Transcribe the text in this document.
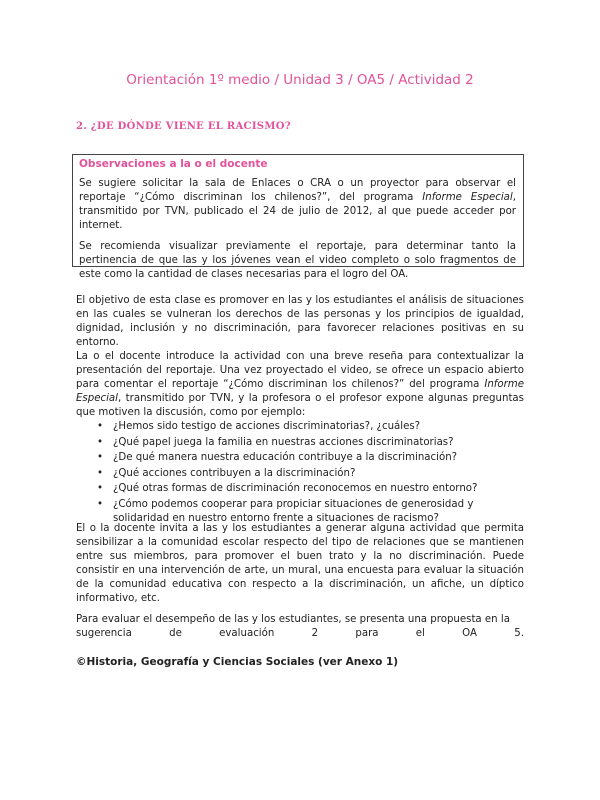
Orientación 1º medio / Unidad 3 / OA5 / Actividad 2
2. ¿DE DÓNDE VIENE EL RACISMO?
Observaciones a la o el docente

Se sugiere solicitar la sala de Enlaces o CRA o un proyector para observar el reportaje “¿Cómo discriminan los chilenos?”, del programa Informe Especial, transmitido por TVN, publicado el 24 de julio de 2012, al que puede acceder por internet.

Se recomienda visualizar previamente el reportaje, para determinar tanto la pertinencia de que las y los jóvenes vean el video completo o solo fragmentos de este como la cantidad de clases necesarias para el logro del OA.

El objetivo de esta clase es promover en las y los estudiantes el análisis de situaciones en las cuales se vulneran los derechos de las personas y los principios de igualdad, dignidad, inclusión y no discriminación, para favorecer relaciones positivas en su entorno.

La o el docente introduce la actividad con una breve reseña para contextualizar la presentación del reportaje. Una vez proyectado el video, se ofrece un espacio abierto para comentar el reportaje “¿Cómo discriminan los chilenos?” del programa Informe Especial, transmitido por TVN, y la profesora o el profesor expone algunas preguntas que motiven la discusión, como por ejemplo:

• ¿Hemos sido testigo de acciones discriminatorias?, ¿cuáles?
• ¿Qué papel juega la familia en nuestras acciones discriminatorias?
• ¿De qué manera nuestra educación contribuye a la discriminación?
• ¿Qué acciones contribuyen a la discriminación?
• ¿Qué otras formas de discriminación reconocemos en nuestro entorno?
• ¿Cómo podemos cooperar para propiciar situaciones de generosidad y solidaridad en nuestro entorno frente a situaciones de racismo?

El o la docente invita a las y los estudiantes a generar alguna actividad que permita sensibilizar a la comunidad escolar respecto del tipo de relaciones que se mantienen entre sus miembros, para promover el buen trato y la no discriminación. Puede consistir en una intervención de arte, un mural, una encuesta para evaluar la situación de la comunidad educativa con respecto a la discriminación, un afiche, un díptico informativo, etc.

Para evaluar el desempeño de las y los estudiantes, se presenta una propuesta en la

sugerencia	de	evaluación	2	para	el	OA	5.
©Historia, Geografía y Ciencias Sociales (ver Anexo 1)
